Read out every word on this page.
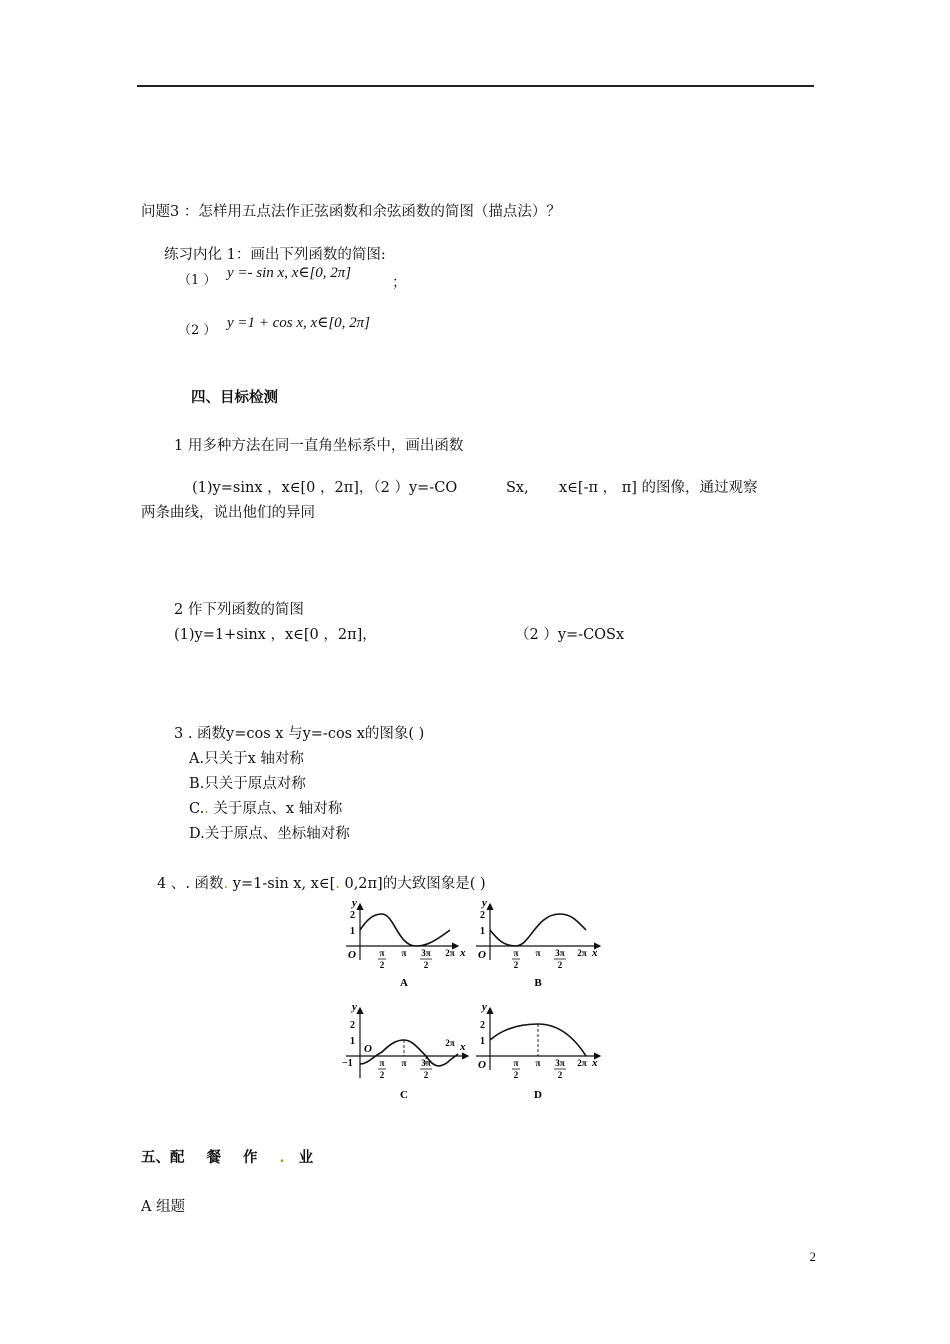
问题3 ：怎样用五点法作正弦函数和余弦函数的简图（描点法）？
练习内化 1：画出下列函数的简图:
（1 ） y =- sin x, x∈[0, 2π]
；
（2 ） y =1 + cos x, x∈[0, 2π]
四、目标检测
1 用多种方法在同一直角坐标系中，画出函数
(1)y=sinx ，x∈[0 ，2π]，（2 ）y=-CO	Sx, x∈[-π ， π] 的图像，通过观察
两条曲线，说出他们的异同
2 作下列函数的简图
(1)y=1+sinx ，x∈[0 ，2π]，	（2 ）y=-COSx
3 . 函数y=cos x 与y=-cos x的图象( )
A.只关于x 轴对称
B.只关于原点对称
C.. 关于原点、x 轴对称
D.关于原点、坐标轴对称
4 、. 函数. y=1-sin x, x∈[. 0,2π]的大致图象是( )
y
x
O
2
1
π
2
π 3π
2
2π
A
y
x
O
2
1
π
2
π 3π
2
2π
B
y
x
O
2
1
−1	π
2
π 3π
2
2π
C
y
x
O
2
1
π
2
π 3π
2
2π
D
五、配 餐 作 . 业
A 组题
2
